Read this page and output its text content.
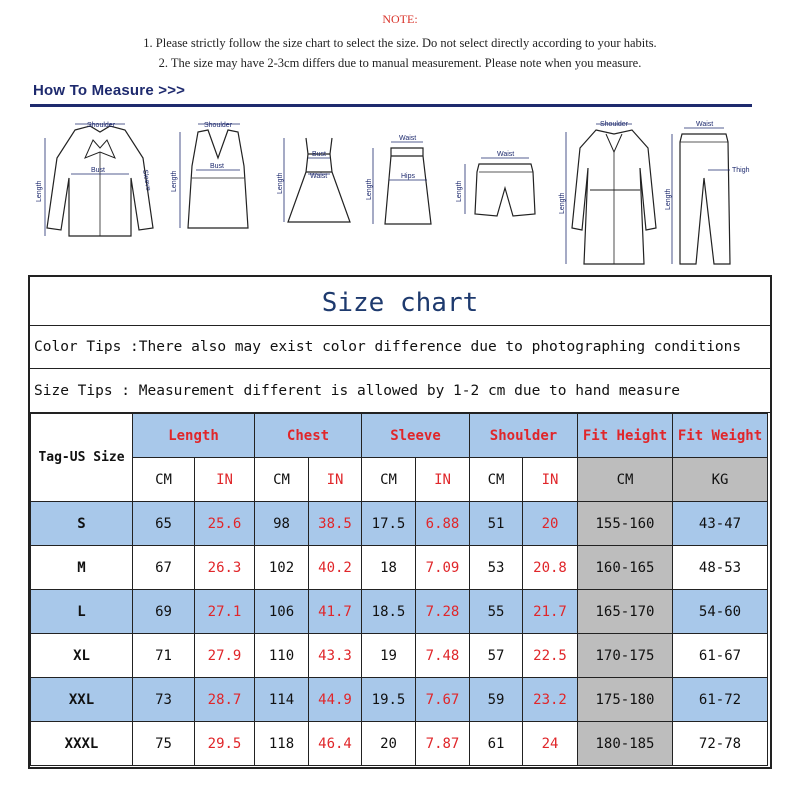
NOTE:
1. Please strictly follow the size chart to select the size. Do not select directly according to your habits.
2. The size may have 2-3cm differs due to manual measurement. Please note when you measure.
How To Measure >>>
Shoulder
Bust
Length	Sleeve
Shoulder
Bust
Length
Bust
Waist
Length
Waist
Hips
Length
Waist
Length
Shoulder
Length
Waist
Thigh
Length
Size chart
Color Tips :There also may exist color difference due to photographing conditions
Size Tips : Measurement different is allowed by 1-2 cm due to hand measure
Tag-US Size	Length		Chest		Sleeve		Shoulder		Fit Height	Fit Weight
	CM	IN	CM	IN	CM	IN	CM	IN	CM	KG
S	65	25.6	98	38.5	17.5	6.88	51	20	155-160	43-47
M	67	26.3	102	40.2	18	7.09	53	20.8	160-165	48-53
L	69	27.1	106	41.7	18.5	7.28	55	21.7	165-170	54-60
XL	71	27.9	110	43.3	19	7.48	57	22.5	170-175	61-67
XXL	73	28.7	114	44.9	19.5	7.67	59	23.2	175-180	61-72
XXXL	75	29.5	118	46.4	20	7.87	61	24	180-185	72-78
